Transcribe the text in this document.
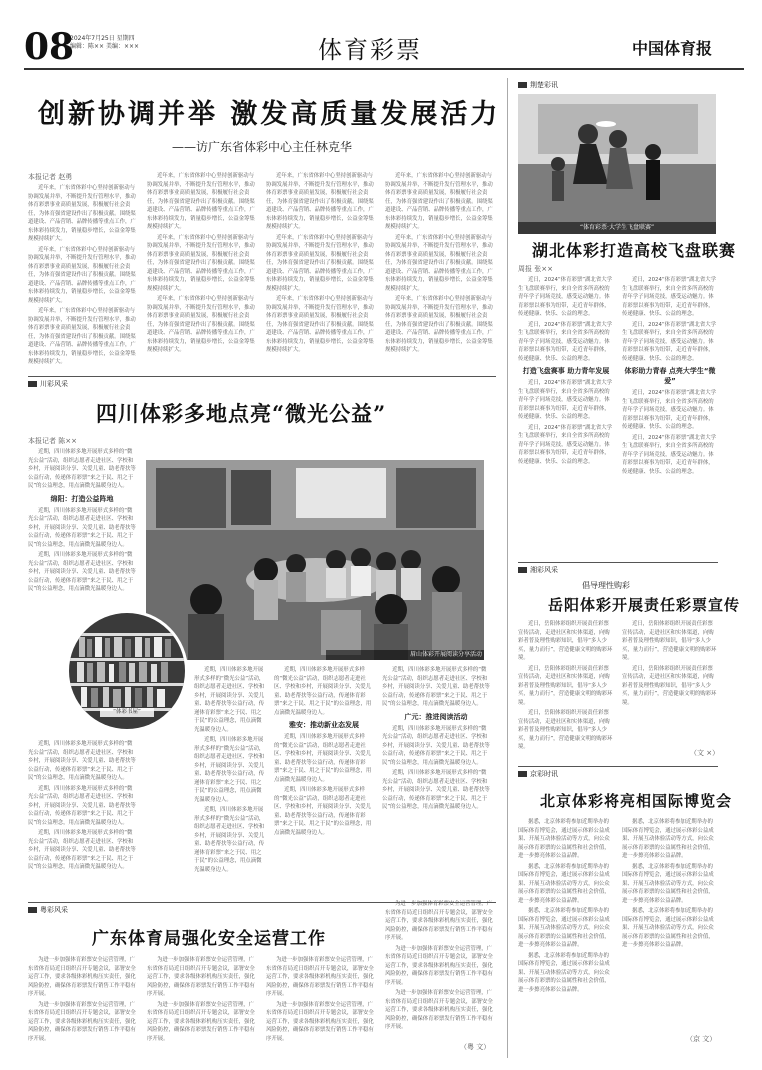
08
2024年7月25日 星期四
编辑：陈×× 美编：×××	体育彩票	中国体育报
创新协调并举 激发高质量发展活力
——访广东省体彩中心主任林克华
本报记者 赵勇

近年来，广东省体彩中心坚持创新驱动与协调发展并举，不断提升发行管理水平，推动体育彩票事业高质量发展，积极履行社会责任，为体育强省建设作出了积极贡献。围绕渠道建设、产品营销、品牌传播等重点工作，广东体彩持续发力，销量稳步增长，公益金筹集规模持续扩大。

近年来，广东省体彩中心坚持创新驱动与协调发展并举，不断提升发行管理水平，推动体育彩票事业高质量发展，积极履行社会责任，为体育强省建设作出了积极贡献。围绕渠道建设、产品营销、品牌传播等重点工作，广东体彩持续发力，销量稳步增长，公益金筹集规模持续扩大。

近年来，广东省体彩中心坚持创新驱动与协调发展并举，不断提升发行管理水平，推动体育彩票事业高质量发展，积极履行社会责任，为体育强省建设作出了积极贡献。围绕渠道建设、产品营销、品牌传播等重点工作，广东体彩持续发力，销量稳步增长，公益金筹集规模持续扩大。

近年来，广东省体彩中心坚持创新驱动与协调发展并举，不断提升发行管理水平，推动体育彩票事业高质量发展，积极履行社会责任，为体育强省建设作出了积极贡献。围绕渠道建设、产品营销、品牌传播等重点工作，广东体彩持续发力，销量稳步增长，公益金筹集规模持续扩大。

近年来，广东省体彩中心坚持创新驱动与协调发展并举，不断提升发行管理水平，推动体育彩票事业高质量发展，积极履行社会责任，为体育强省建设作出了积极贡献。围绕渠道建设、产品营销、品牌传播等重点工作，广东体彩持续发力，销量稳步增长，公益金筹集规模持续扩大。

近年来，广东省体彩中心坚持创新驱动与协调发展并举，不断提升发行管理水平，推动体育彩票事业高质量发展，积极履行社会责任，为体育强省建设作出了积极贡献。围绕渠道建设、产品营销、品牌传播等重点工作，广东体彩持续发力，销量稳步增长，公益金筹集规模持续扩大。

近年来，广东省体彩中心坚持创新驱动与协调发展并举，不断提升发行管理水平，推动体育彩票事业高质量发展，积极履行社会责任，为体育强省建设作出了积极贡献。围绕渠道建设、产品营销、品牌传播等重点工作，广东体彩持续发力，销量稳步增长，公益金筹集规模持续扩大。

近年来，广东省体彩中心坚持创新驱动与协调发展并举，不断提升发行管理水平，推动体育彩票事业高质量发展，积极履行社会责任，为体育强省建设作出了积极贡献。围绕渠道建设、产品营销、品牌传播等重点工作，广东体彩持续发力，销量稳步增长，公益金筹集规模持续扩大。

近年来，广东省体彩中心坚持创新驱动与协调发展并举，不断提升发行管理水平，推动体育彩票事业高质量发展，积极履行社会责任，为体育强省建设作出了积极贡献。围绕渠道建设、产品营销、品牌传播等重点工作，广东体彩持续发力，销量稳步增长，公益金筹集规模持续扩大。

近年来，广东省体彩中心坚持创新驱动与协调发展并举，不断提升发行管理水平，推动体育彩票事业高质量发展，积极履行社会责任，为体育强省建设作出了积极贡献。围绕渠道建设、产品营销、品牌传播等重点工作，广东体彩持续发力，销量稳步增长，公益金筹集规模持续扩大。

近年来，广东省体彩中心坚持创新驱动与协调发展并举，不断提升发行管理水平，推动体育彩票事业高质量发展，积极履行社会责任，为体育强省建设作出了积极贡献。围绕渠道建设、产品营销、品牌传播等重点工作，广东体彩持续发力，销量稳步增长，公益金筹集规模持续扩大。

近年来，广东省体彩中心坚持创新驱动与协调发展并举，不断提升发行管理水平，推动体育彩票事业高质量发展，积极履行社会责任，为体育强省建设作出了积极贡献。围绕渠道建设、产品营销、品牌传播等重点工作，广东体彩持续发力，销量稳步增长，公益金筹集规模持续扩大。

川彩风采
四川体彩多地点亮“微光公益”
本报记者 陈××

近期，四川体彩多地开展形式多样的“微光公益”活动，组织志愿者走进社区、学校和乡村，开展阅读分享、关爱儿童、助老帮扶等公益行动，传递体育彩票“来之于民、用之于民”的公益理念，用点滴微光温暖身边人。

绵阳：打造公益阵地

近期，四川体彩多地开展形式多样的“微光公益”活动，组织志愿者走进社区、学校和乡村，开展阅读分享、关爱儿童、助老帮扶等公益行动，传递体育彩票“来之于民、用之于民”的公益理念，用点滴微光温暖身边人。

近期，四川体彩多地开展形式多样的“微光公益”活动，组织志愿者走进社区、学校和乡村，开展阅读分享、关爱儿童、助老帮扶等公益行动，传递体育彩票“来之于民、用之于民”的公益理念，用点滴微光温暖身边人。

眉山体彩开展阅读分享活动
“体彩书屋”

近期，四川体彩多地开展形式多样的“微光公益”活动，组织志愿者走进社区、学校和乡村，开展阅读分享、关爱儿童、助老帮扶等公益行动，传递体育彩票“来之于民、用之于民”的公益理念，用点滴微光温暖身边人。

近期，四川体彩多地开展形式多样的“微光公益”活动，组织志愿者走进社区、学校和乡村，开展阅读分享、关爱儿童、助老帮扶等公益行动，传递体育彩票“来之于民、用之于民”的公益理念，用点滴微光温暖身边人。

近期，四川体彩多地开展形式多样的“微光公益”活动，组织志愿者走进社区、学校和乡村，开展阅读分享、关爱儿童、助老帮扶等公益行动，传递体育彩票“来之于民、用之于民”的公益理念，用点滴微光温暖身边人。

近期，四川体彩多地开展形式多样的“微光公益”活动，组织志愿者走进社区、学校和乡村，开展阅读分享、关爱儿童、助老帮扶等公益行动，传递体育彩票“来之于民、用之于民”的公益理念，用点滴微光温暖身边人。

近期，四川体彩多地开展形式多样的“微光公益”活动，组织志愿者走进社区、学校和乡村，开展阅读分享、关爱儿童、助老帮扶等公益行动，传递体育彩票“来之于民、用之于民”的公益理念，用点滴微光温暖身边人。

近期，四川体彩多地开展形式多样的“微光公益”活动，组织志愿者走进社区、学校和乡村，开展阅读分享、关爱儿童、助老帮扶等公益行动，传递体育彩票“来之于民、用之于民”的公益理念，用点滴微光温暖身边人。

近期，四川体彩多地开展形式多样的“微光公益”活动，组织志愿者走进社区、学校和乡村，开展阅读分享、关爱儿童、助老帮扶等公益行动，传递体育彩票“来之于民、用之于民”的公益理念，用点滴微光温暖身边人。

雅安：推动新业态发展

近期，四川体彩多地开展形式多样的“微光公益”活动，组织志愿者走进社区、学校和乡村，开展阅读分享、关爱儿童、助老帮扶等公益行动，传递体育彩票“来之于民、用之于民”的公益理念，用点滴微光温暖身边人。

近期，四川体彩多地开展形式多样的“微光公益”活动，组织志愿者走进社区、学校和乡村，开展阅读分享、关爱儿童、助老帮扶等公益行动，传递体育彩票“来之于民、用之于民”的公益理念，用点滴微光温暖身边人。

近期，四川体彩多地开展形式多样的“微光公益”活动，组织志愿者走进社区、学校和乡村，开展阅读分享、关爱儿童、助老帮扶等公益行动，传递体育彩票“来之于民、用之于民”的公益理念，用点滴微光温暖身边人。

广元：推进阅读活动

近期，四川体彩多地开展形式多样的“微光公益”活动，组织志愿者走进社区、学校和乡村，开展阅读分享、关爱儿童、助老帮扶等公益行动，传递体育彩票“来之于民、用之于民”的公益理念，用点滴微光温暖身边人。

近期，四川体彩多地开展形式多样的“微光公益”活动，组织志愿者走进社区、学校和乡村，开展阅读分享、关爱儿童、助老帮扶等公益行动，传递体育彩票“来之于民、用之于民”的公益理念，用点滴微光温暖身边人。

粤彩风采
广东体育局强化安全运营工作

为进一步加强体育彩票安全运营管理，广东省体育局近日组织召开专题会议，部署安全运营工作，要求各级体彩机构压实责任，强化风险防控，确保体育彩票发行销售工作平稳有序开展。

为进一步加强体育彩票安全运营管理，广东省体育局近日组织召开专题会议，部署安全运营工作，要求各级体彩机构压实责任，强化风险防控，确保体育彩票发行销售工作平稳有序开展。

为进一步加强体育彩票安全运营管理，广东省体育局近日组织召开专题会议，部署安全运营工作，要求各级体彩机构压实责任，强化风险防控，确保体育彩票发行销售工作平稳有序开展。

为进一步加强体育彩票安全运营管理，广东省体育局近日组织召开专题会议，部署安全运营工作，要求各级体彩机构压实责任，强化风险防控，确保体育彩票发行销售工作平稳有序开展。

为进一步加强体育彩票安全运营管理，广东省体育局近日组织召开专题会议，部署安全运营工作，要求各级体彩机构压实责任，强化风险防控，确保体育彩票发行销售工作平稳有序开展。

为进一步加强体育彩票安全运营管理，广东省体育局近日组织召开专题会议，部署安全运营工作，要求各级体彩机构压实责任，强化风险防控，确保体育彩票发行销售工作平稳有序开展。

为进一步加强体育彩票安全运营管理，广东省体育局近日组织召开专题会议，部署安全运营工作，要求各级体彩机构压实责任，强化风险防控，确保体育彩票发行销售工作平稳有序开展。

为进一步加强体育彩票安全运营管理，广东省体育局近日组织召开专题会议，部署安全运营工作，要求各级体彩机构压实责任，强化风险防控，确保体育彩票发行销售工作平稳有序开展。

为进一步加强体育彩票安全运营管理，广东省体育局近日组织召开专题会议，部署安全运营工作，要求各级体彩机构压实责任，强化风险防控，确保体育彩票发行销售工作平稳有序开展。

（粤 文）
荆楚彩讯
“体育彩票·大学生飞盘联赛”
湖北体彩打造高校飞盘联赛
周报 张××

近日，2024“体育彩票”湖北省大学生飞盘联赛举行，来自全省多所高校的青年学子同场竞技，感受运动魅力。体育彩票以赛事为纽带，走近青年群体，传递健康、快乐、公益的理念。

近日，2024“体育彩票”湖北省大学生飞盘联赛举行，来自全省多所高校的青年学子同场竞技，感受运动魅力。体育彩票以赛事为纽带，走近青年群体，传递健康、快乐、公益的理念。

打造飞盘赛事 助力青年发展

近日，2024“体育彩票”湖北省大学生飞盘联赛举行，来自全省多所高校的青年学子同场竞技，感受运动魅力。体育彩票以赛事为纽带，走近青年群体，传递健康、快乐、公益的理念。

近日，2024“体育彩票”湖北省大学生飞盘联赛举行，来自全省多所高校的青年学子同场竞技，感受运动魅力。体育彩票以赛事为纽带，走近青年群体，传递健康、快乐、公益的理念。

近日，2024“体育彩票”湖北省大学生飞盘联赛举行，来自全省多所高校的青年学子同场竞技，感受运动魅力。体育彩票以赛事为纽带，走近青年群体，传递健康、快乐、公益的理念。

近日，2024“体育彩票”湖北省大学生飞盘联赛举行，来自全省多所高校的青年学子同场竞技，感受运动魅力。体育彩票以赛事为纽带，走近青年群体，传递健康、快乐、公益的理念。

体彩助力青春 点亮大学生“微爱”

近日，2024“体育彩票”湖北省大学生飞盘联赛举行，来自全省多所高校的青年学子同场竞技，感受运动魅力。体育彩票以赛事为纽带，走近青年群体，传递健康、快乐、公益的理念。

近日，2024“体育彩票”湖北省大学生飞盘联赛举行，来自全省多所高校的青年学子同场竞技，感受运动魅力。体育彩票以赛事为纽带，走近青年群体，传递健康、快乐、公益的理念。

湘彩风采
倡导理性购彩
岳阳体彩开展责任彩票宣传

近日，岳阳体彩组织开展责任彩票宣传活动，走进社区和实体渠道，向购彩者普及理性购彩知识，倡导“多人少买，量力而行”，营造健康文明的购彩环境。

近日，岳阳体彩组织开展责任彩票宣传活动，走进社区和实体渠道，向购彩者普及理性购彩知识，倡导“多人少买，量力而行”，营造健康文明的购彩环境。

近日，岳阳体彩组织开展责任彩票宣传活动，走进社区和实体渠道，向购彩者普及理性购彩知识，倡导“多人少买，量力而行”，营造健康文明的购彩环境。

近日，岳阳体彩组织开展责任彩票宣传活动，走进社区和实体渠道，向购彩者普及理性购彩知识，倡导“多人少买，量力而行”，营造健康文明的购彩环境。

近日，岳阳体彩组织开展责任彩票宣传活动，走进社区和实体渠道，向购彩者普及理性购彩知识，倡导“多人少买，量力而行”，营造健康文明的购彩环境。

（文 ×）
京彩时讯
北京体彩将亮相国际博览会

据悉，北京体彩将参加近期举办的国际体育博览会，通过展示体彩公益成果、开展互动体验活动等方式，向公众展示体育彩票的公益属性和社会价值，进一步擦亮体彩公益品牌。

据悉，北京体彩将参加近期举办的国际体育博览会，通过展示体彩公益成果、开展互动体验活动等方式，向公众展示体育彩票的公益属性和社会价值，进一步擦亮体彩公益品牌。

据悉，北京体彩将参加近期举办的国际体育博览会，通过展示体彩公益成果、开展互动体验活动等方式，向公众展示体育彩票的公益属性和社会价值，进一步擦亮体彩公益品牌。

据悉，北京体彩将参加近期举办的国际体育博览会，通过展示体彩公益成果、开展互动体验活动等方式，向公众展示体育彩票的公益属性和社会价值，进一步擦亮体彩公益品牌。

据悉，北京体彩将参加近期举办的国际体育博览会，通过展示体彩公益成果、开展互动体验活动等方式，向公众展示体育彩票的公益属性和社会价值，进一步擦亮体彩公益品牌。

据悉，北京体彩将参加近期举办的国际体育博览会，通过展示体彩公益成果、开展互动体验活动等方式，向公众展示体育彩票的公益属性和社会价值，进一步擦亮体彩公益品牌。

据悉，北京体彩将参加近期举办的国际体育博览会，通过展示体彩公益成果、开展互动体验活动等方式，向公众展示体育彩票的公益属性和社会价值，进一步擦亮体彩公益品牌。

（京 文）
